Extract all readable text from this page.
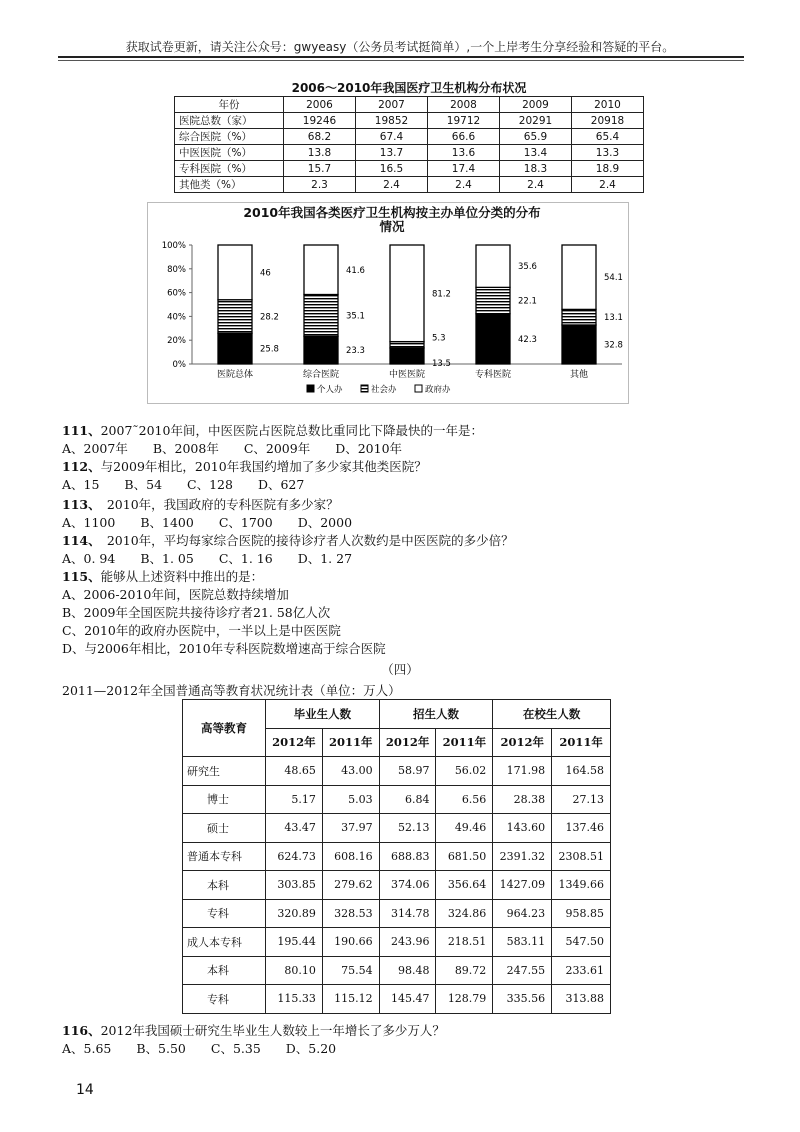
获取试卷更新，请关注公众号：gwyeasy（公务员考试挺简单）,一个上岸考生分享经验和答疑的平台。
2006～2010年我国医疗卫生机构分布状况
年份	2006	2007	2008	2009	2010
医院总数（家）	19246	19852	19712	20291	20918
综合医院（%）	68.2	67.4	66.6	65.9	65.4
中医医院（%）	13.8	13.7	13.6	13.4	13.3
专科医院（%）	15.7	16.5	17.4	18.3	18.9
其他类（%）	2.3	2.4	2.4	2.4	2.4
2010年我国各类医疗卫生机构按主办单位分类的分布
情况
0%
20%
40%
60%
80%
100%
25.8
28.2
46
医院总体
23.3
35.1
41.6
综合医院
13.5
5.3
81.2
中医医院
42.3
22.1
35.6
专科医院
32.8
13.1
54.1
其他
个人办	社会办	政府办
111、2007˜2010年间，中医医院占医院总数比重同比下降最快的一年是：
A、2007年　　B、2008年　　C、2009年　　D、2010年
112、与2009年相比，2010年我国约增加了多少家其他类医院？
A、15　　B、54　　C、128　　D、627
113、　2010年，我国政府的专科医院有多少家？
A、1100　　B、1400　　C、1700　　D、2000
114、　2010年，平均每家综合医院的接待诊疗者人次数约是中医医院的多少倍？
A、0. 94　　B、1. 05　　C、1. 16　　D、1. 27
115、能够从上述资料中推出的是：
A、2006-2010年间，医院总数持续增加
B、2009年全国医院共接待诊疗者21. 58亿人次
C、2010年的政府办医院中，一半以上是中医医院
D、与2006年相比，2010年专科医院数增速高于综合医院
（四）
2011—2012年全国普通高等教育状况统计表（单位：万人）
高等教育	毕业生人数		招生人数		在校生人数	
	2012年	2011年	2012年	2011年	2012年	2011年
研究生	48.65	43.00	58.97	56.02	171.98	164.58
博士	5.17	5.03	6.84	6.56	28.38	27.13
硕士	43.47	37.97	52.13	49.46	143.60	137.46
普通本专科	624.73	608.16	688.83	681.50	2391.32	2308.51
本科	303.85	279.62	374.06	356.64	1427.09	1349.66
专科	320.89	328.53	314.78	324.86	964.23	958.85
成人本专科	195.44	190.66	243.96	218.51	583.11	547.50
本科	80.10	75.54	98.48	89.72	247.55	233.61
专科	115.33	115.12	145.47	128.79	335.56	313.88
116、2012年我国硕士研究生毕业生人数较上一年增长了多少万人？
A、5.65　　B、5.50　　C、5.35　　D、5.20
14
